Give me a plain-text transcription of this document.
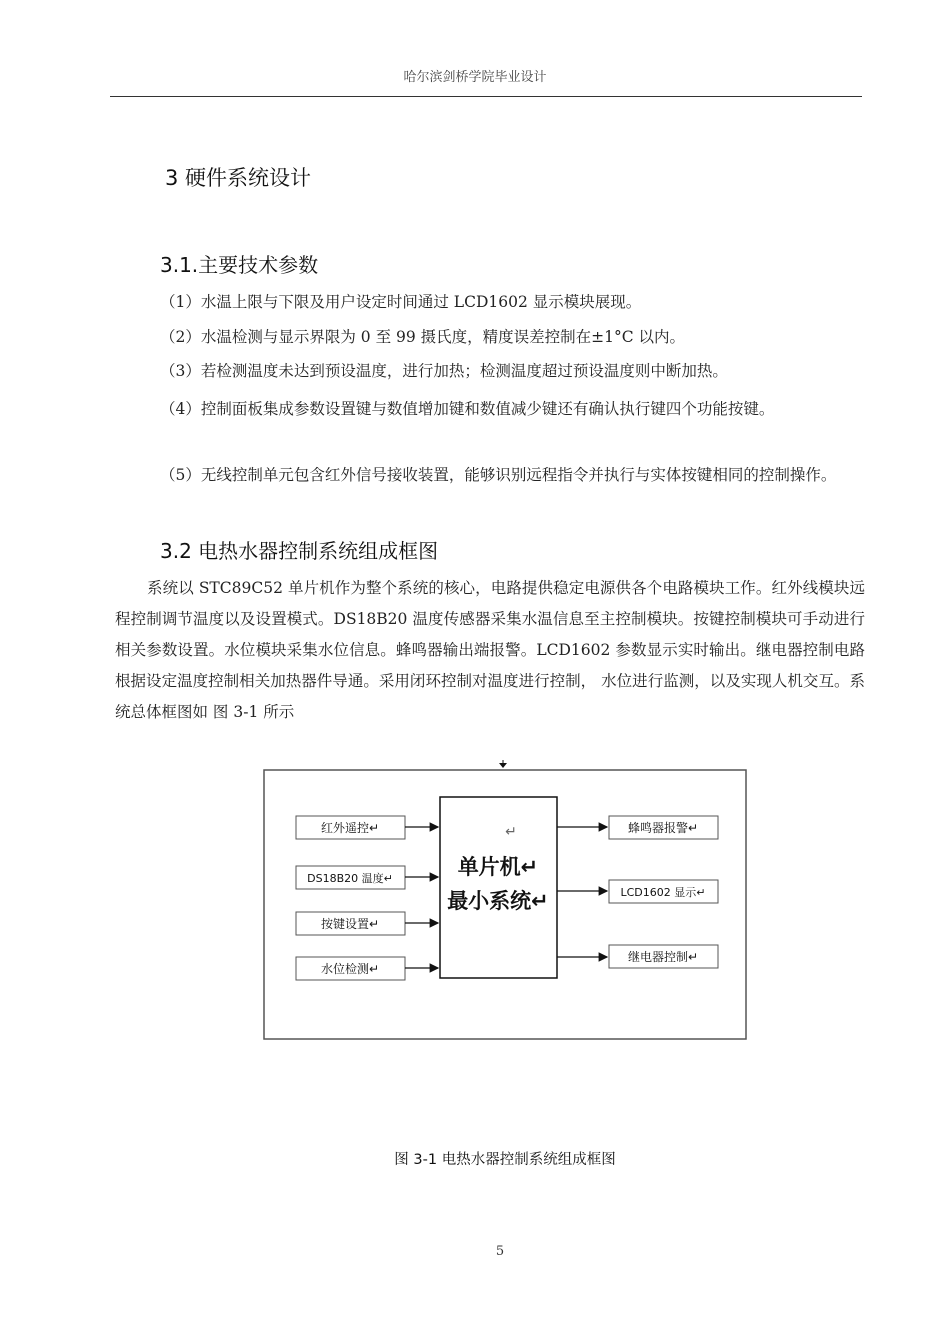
哈尔滨剑桥学院毕业设计
3 硬件系统设计
3.1.主要技术参数
（1）水温上限与下限及用户设定时间通过 LCD1602 显示模块展现。
（2）水温检测与显示界限为 0 至 99 摄氏度，精度误差控制在±1°C 以内。
（3）若检测温度未达到预设温度，进行加热；检测温度超过预设温度则中断加热。
（4）控制面板集成参数设置键与数值增加键和数值减少键还有确认执行键四个功能按键。
（5）无线控制单元包含红外信号接收装置，能够识别远程指令并执行与实体按键相同的控制操作。
3.2 电热水器控制系统组成框图
系统以 STC89C52 单片机作为整个系统的核心，电路提供稳定电源供各个电路模块工作。红外线模块远程控制调节温度以及设置模式。DS18B20 温度传感器采集水温信息至主控制模块。按键控制模块可手动进行相关参数设置。水位模块采集水位信息。蜂鸣器输出端报警。LCD1602 参数显示实时输出。继电器控制电路根据设定温度控制相关加热器件导通。采用闭环控制对温度进行控制， 水位进行监测，以及实现人机交互。系统总体框图如 图 3-1 所示
↵
单片机↵
最小系统↵
红外遥控↵
DS18B20 温度↵
按键设置↵
水位检测↵
蜂鸣器报警↵
LCD1602 显示↵
继电器控制↵
图 3-1 电热水器控制系统组成框图
5
